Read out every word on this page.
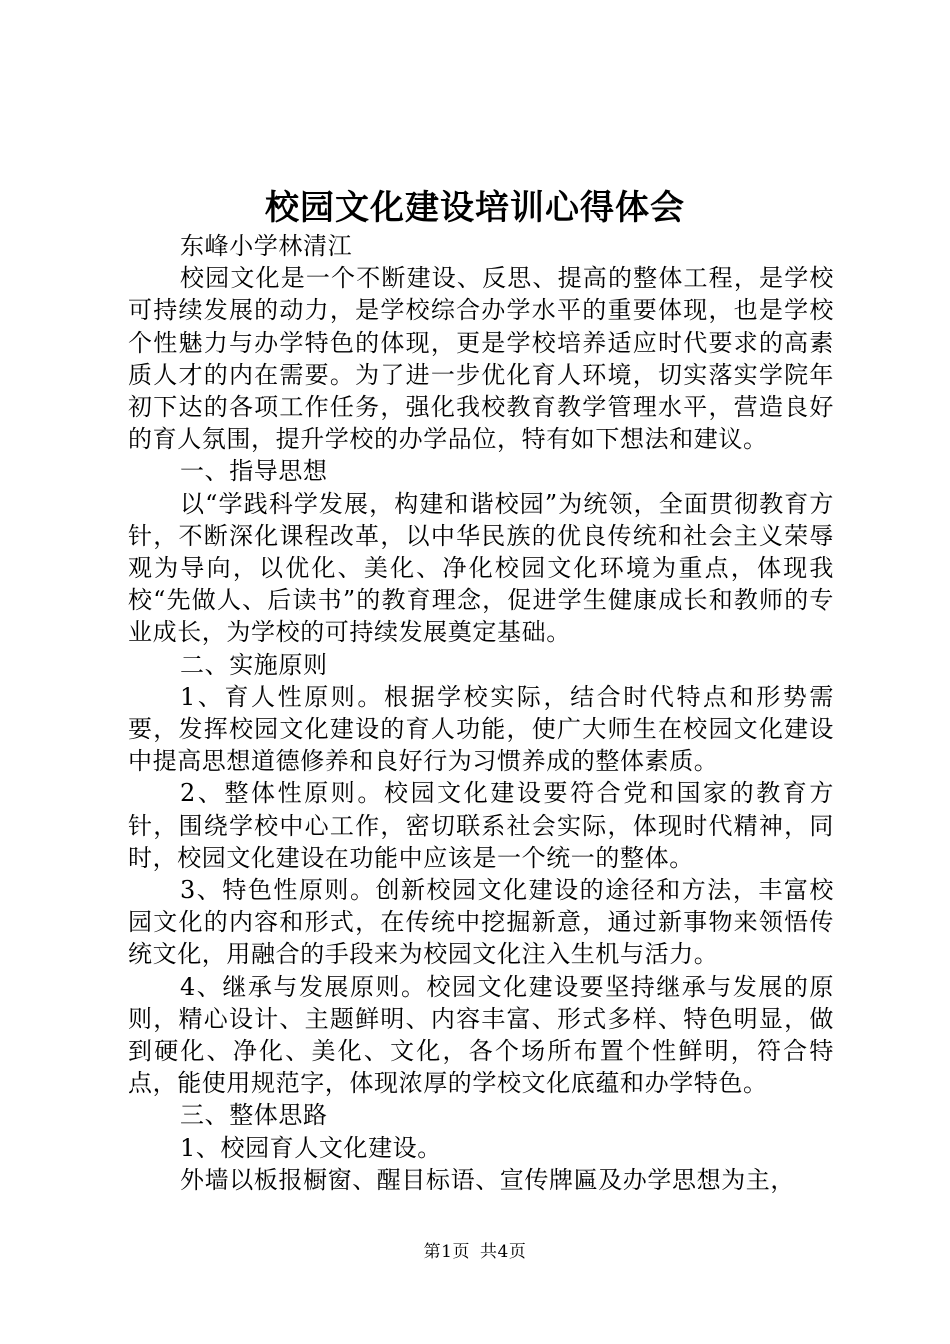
校园文化建设培训心得体会

东峰小学林清江

校园文化是一个不断建设、反思、提高的整体工程，是学校可持续发展的动力，是学校综合办学水平的重要体现，也是学校个性魅力与办学特色的体现，更是学校培养适应时代要求的高素质人才的内在需要。为了进一步优化育人环境，切实落实学院年初下达的各项工作任务，强化我校教育教学管理水平，营造良好的育人氛围，提升学校的办学品位，特有如下想法和建议。

一、指导思想

以“学践科学发展，构建和谐校园”为统领，全面贯彻教育方针，不断深化课程改革，以中华民族的优良传统和社会主义荣辱观为导向，以优化、美化、净化校园文化环境为重点，体现我校“先做人、后读书”的教育理念，促进学生健康成长和教师的专业成长，为学校的可持续发展奠定基础。

二、实施原则

1、育人性原则。根据学校实际，结合时代特点和形势需要，发挥校园文化建设的育人功能，使广大师生在校园文化建设中提高思想道德修养和良好行为习惯养成的整体素质。

2、整体性原则。校园文化建设要符合党和国家的教育方针，围绕学校中心工作，密切联系社会实际，体现时代精神，同时，校园文化建设在功能中应该是一个统一的整体。

3、特色性原则。创新校园文化建设的途径和方法，丰富校园文化的内容和形式，在传统中挖掘新意，通过新事物来领悟传统文化，用融合的手段来为校园文化注入生机与活力。

4、继承与发展原则。校园文化建设要坚持继承与发展的原则，精心设计、主题鲜明、内容丰富、形式多样、特色明显，做到硬化、净化、美化、文化，各个场所布置个性鲜明，符合特点，能使用规范字，体现浓厚的学校文化底蕴和办学特色。

三、整体思路

1、校园育人文化建设。

外墙以板报橱窗、醒目标语、宣传牌匾及办学思想为主，

第1页 共4页
